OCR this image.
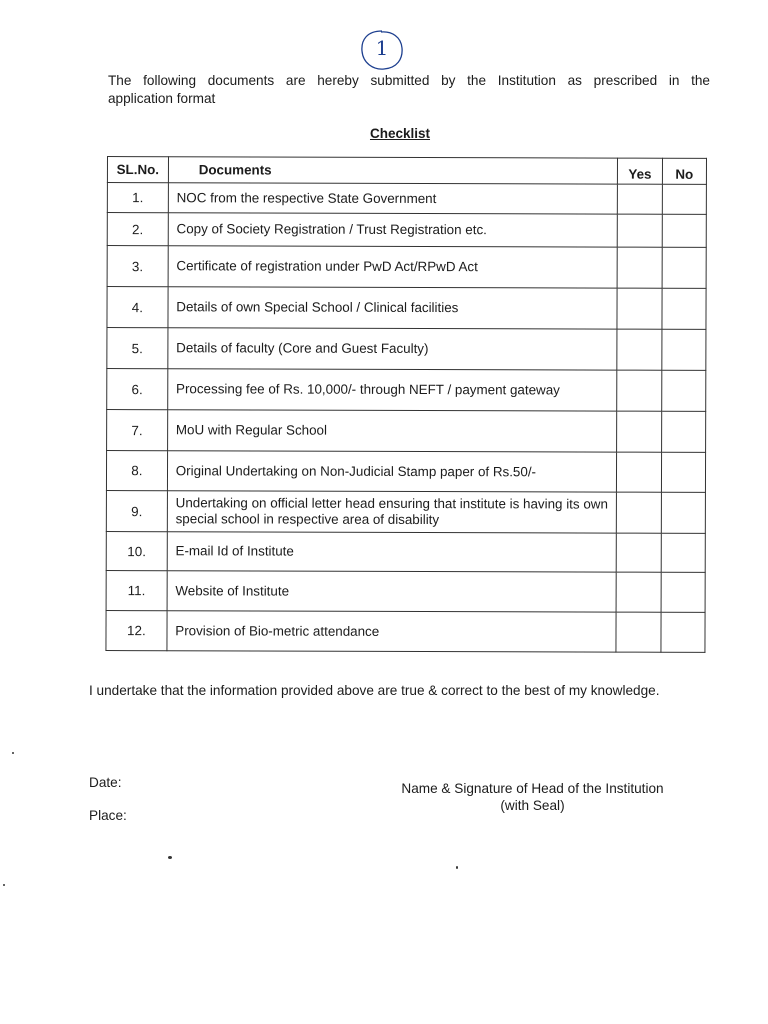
1
The following documents are hereby submitted by the Institution as prescribed in the
application format
Checklist
SL.No.	Documents	Yes	No
1.	NOC from the respective State Government		
2.	Copy of Society Registration / Trust Registration etc.		
3.	Certificate of registration under PwD Act/RPwD Act		
4.	Details of own Special School / Clinical facilities		
5.	Details of faculty (Core and Guest Faculty)		
6.	Processing fee of Rs. 10,000/- through NEFT / payment gateway		
7.	MoU with Regular School		
8.	Original Undertaking on Non-Judicial Stamp paper of Rs.50/-		
9.	Undertaking on official letter head ensuring that institute is having its own special school in respective area of disability		
10.	E-mail Id of Institute		
11.	Website of Institute		
12.	Provision of Bio-metric attendance		
I undertake that the information provided above are true & correct to the best of my knowledge.
Date:
Place:
Name & Signature of Head of the Institution
(with Seal)
